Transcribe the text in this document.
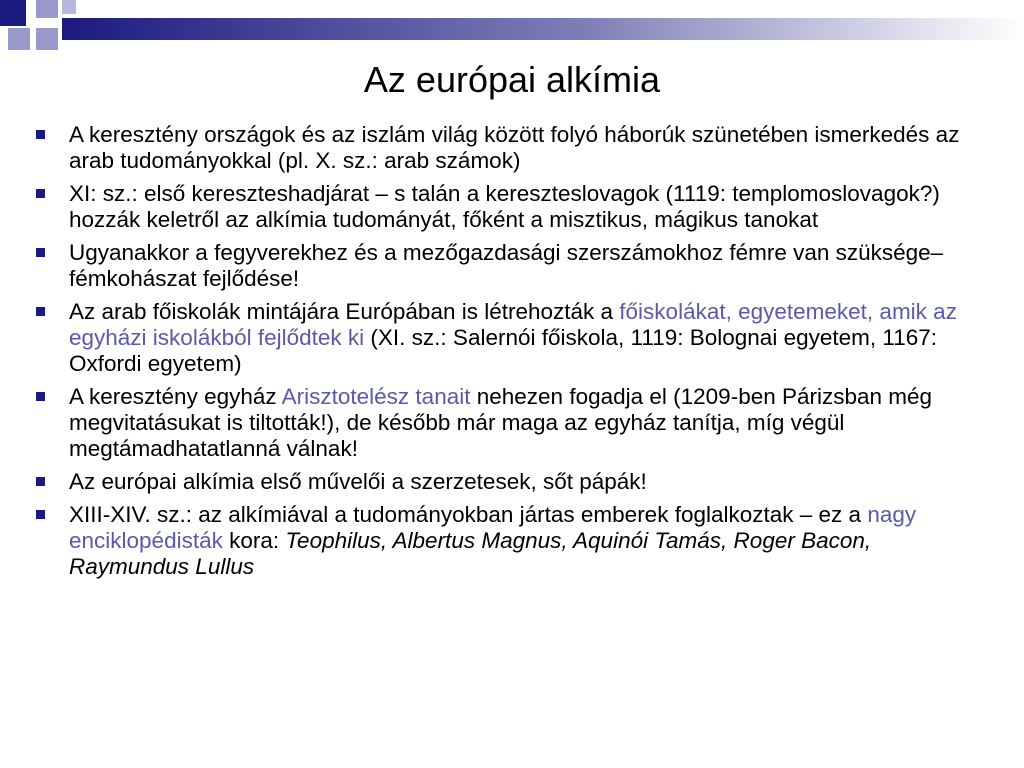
Az európai alkímia
A keresztény országok és az iszlám világ között folyó háborúk szünetében ismerkedés az arab tudományokkal (pl. X. sz.: arab számok)
XI: sz.: első kereszteshadjárat – s talán a kereszteslovagok (1119: templomoslovagok?) hozzák keletről az alkímia tudományát, főként a misztikus, mágikus tanokat
Ugyanakkor a fegyverekhez és a mezőgazdasági szerszámokhoz fémre van szüksége– fémkohászat fejlődése!
Az arab főiskolák mintájára Európában is létrehozták a főiskolákat, egyetemeket, amik az egyházi iskolákból fejlődtek ki (XI. sz.: Salernói főiskola, 1119: Bolognai egyetem, 1167: Oxfordi egyetem)
A keresztény egyház Arisztotelész tanait nehezen fogadja el (1209-ben Párizsban még megvitatásukat is tiltották!), de később már maga az egyház tanítja, míg végül megtámadhatatlanná válnak!
Az európai alkímia első művelői a szerzetesek, sőt pápák!
XIII-XIV. sz.: az alkímiával a tudományokban jártas emberek foglalkoztak – ez a nagy enciklopédisták kora: Teophilus, Albertus Magnus, Aquinói Tamás, Roger Bacon, Raymundus Lullus
